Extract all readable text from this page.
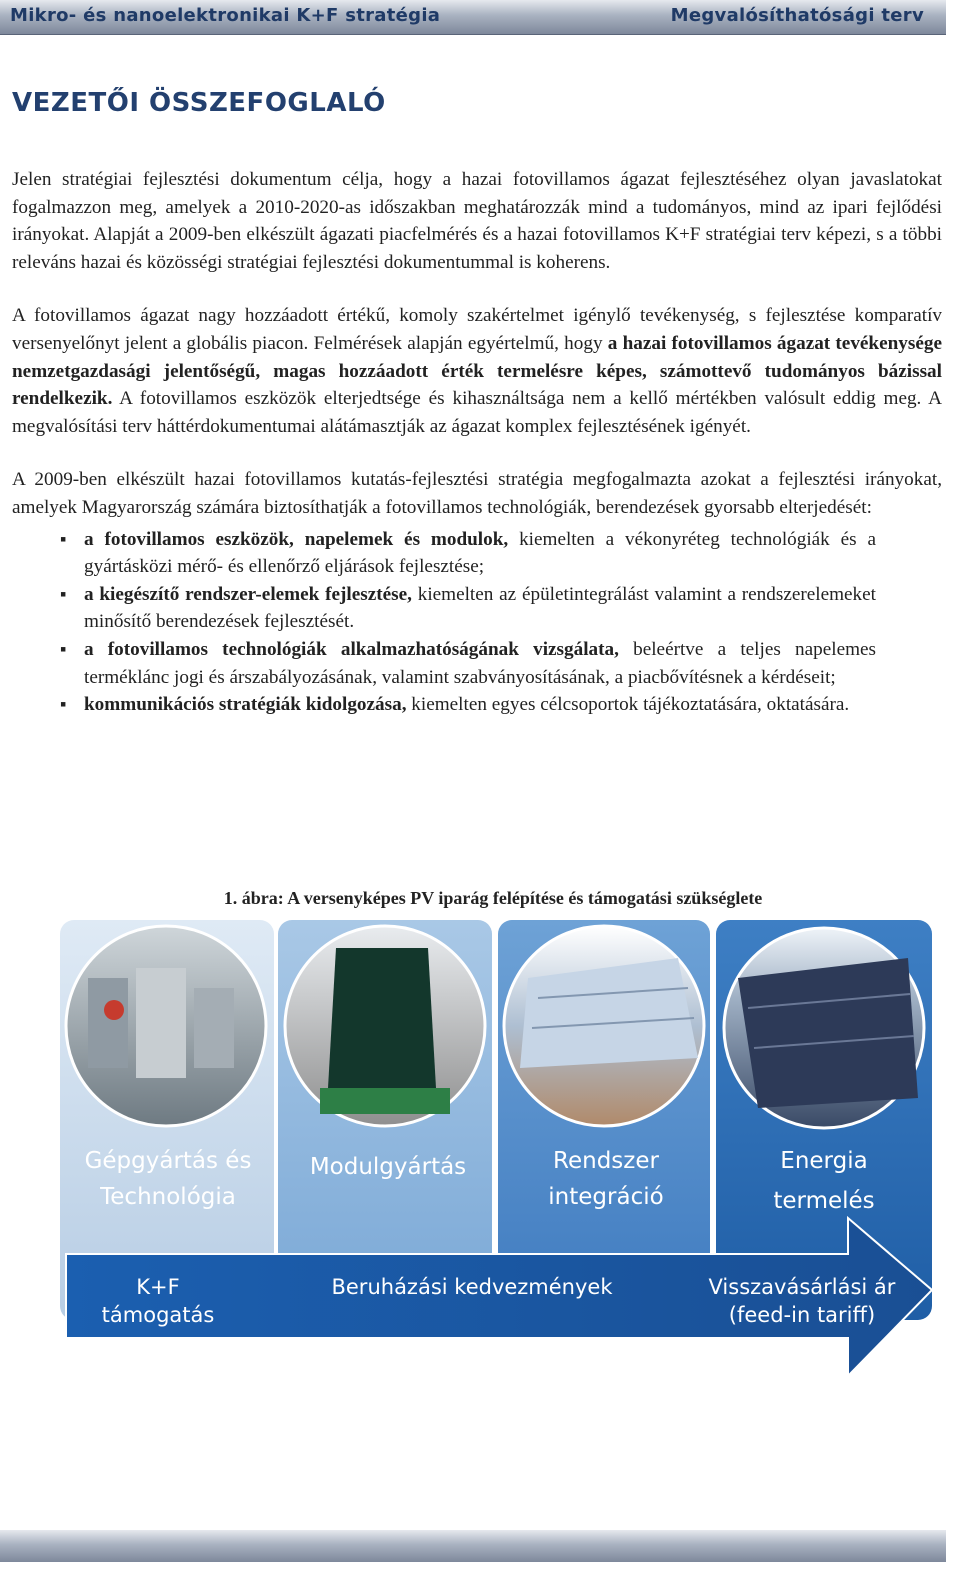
Mikro- és nanoelektronikai K+F stratégia	Megvalósíthatósági terv
VEZETŐI ÖSSZEFOGLALÓ

Jelen stratégiai fejlesztési dokumentum célja, hogy a hazai fotovillamos ágazat fejlesztéséhez olyan javaslatokat fogalmazzon meg, amelyek a 2010-2020-as időszakban meghatározzák mind a tudományos, mind az ipari fejlődési irányokat. Alapját a 2009-ben elkészült ágazati piacfelmérés és a hazai fotovillamos K+F stratégiai terv képezi, s a többi releváns hazai és közösségi stratégiai fejlesztési dokumentummal is koherens.

A fotovillamos ágazat nagy hozzáadott értékű, komoly szakértelmet igénylő tevékenység, s fejlesztése komparatív versenyelőnyt jelent a globális piacon. Felmérések alapján egyértelmű, hogy a hazai fotovillamos ágazat tevékenysége nemzetgazdasági jelentőségű, magas hozzáadott érték termelésre képes, számottevő tudományos bázissal rendelkezik. A fotovillamos eszközök elterjedtsége és kihasználtsága nem a kellő mértékben valósult eddig meg. A megvalósítási terv háttérdokumentumai alátámasztják az ágazat komplex fejlesztésének igényét.

A 2009-ben elkészült hazai fotovillamos kutatás-fejlesztési stratégia megfogalmazta azokat a fejlesztési irányokat, amelyek Magyarország számára biztosíthatják a fotovillamos technológiák, berendezések gyorsabb elterjedését:

▪ a fotovillamos eszközök, napelemek és modulok, kiemelten a vékonyréteg technológiák és a gyártásközi mérő- és ellenőrző eljárások fejlesztése;
▪ a kiegészítő rendszer-elemek fejlesztése, kiemelten az épületintegrálást valamint a rendszerelemeket minősítő berendezések fejlesztését.
▪ a fotovillamos technológiák alkalmazhatóságának vizsgálata, beleértve a teljes napelemes terméklánc jogi és árszabályozásának, valamint szabványosításának, a piacbővítésnek a kérdéseit;
▪ kommunikációs stratégiák kidolgozása, kiemelten egyes célcsoportok tájékoztatására, oktatására.
1. ábra: A versenyképes PV iparág felépítése és támogatási szükséglete
Gépgyártás és
Technológia
Modulgyártás	Rendszer
integráció
Energia
termelés
K+F
támogatás
Beruházási kedvezmények	Visszavásárlási ár
(feed-in tariff)
